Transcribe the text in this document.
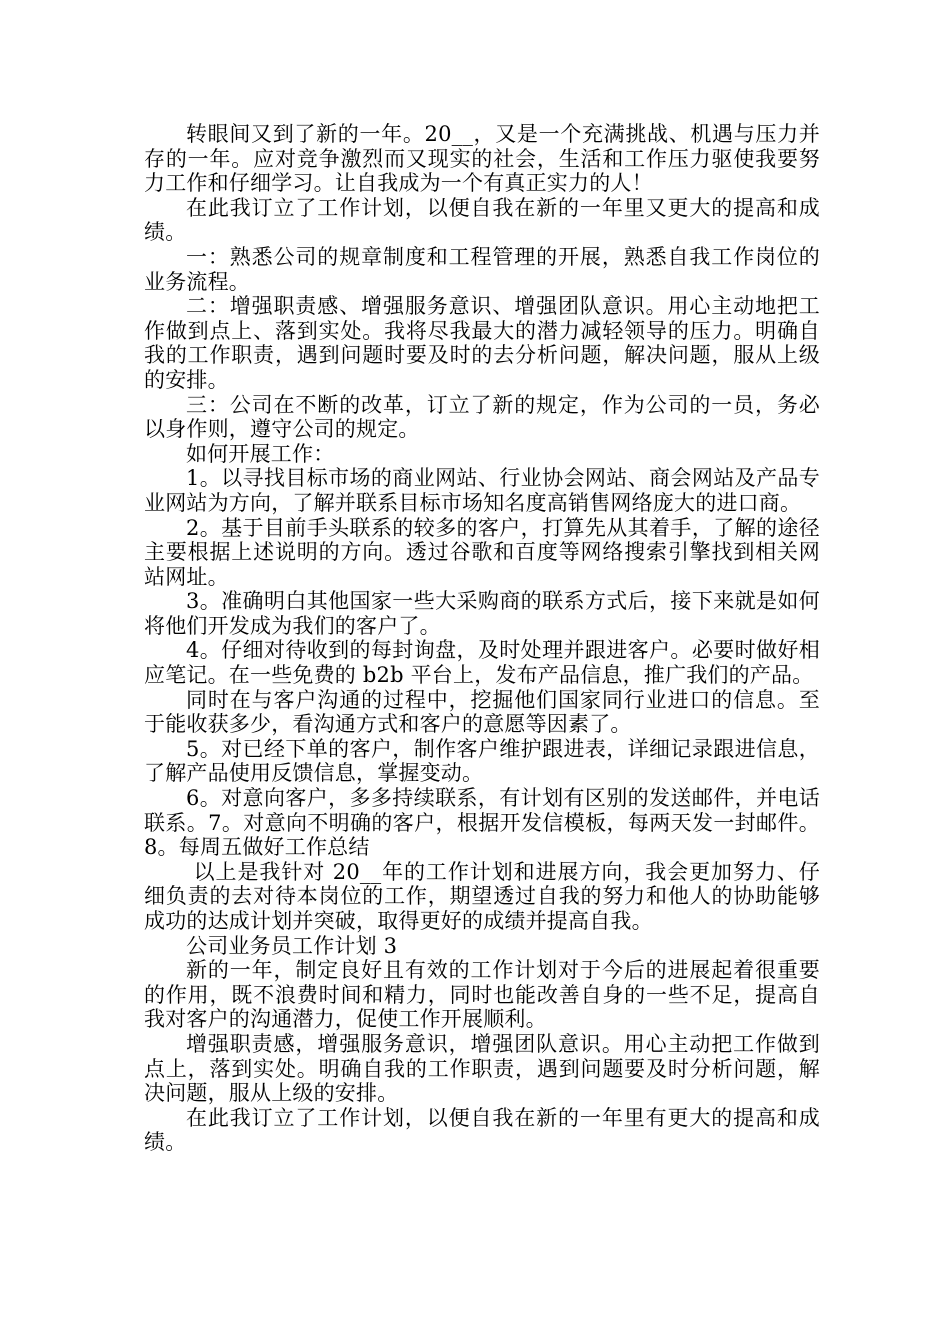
转眼间又到了新的一年。20__，又是一个充满挑战、机遇与压力并存的一年。应对竞争激烈而又现实的社会，生活和工作压力驱使我要努力工作和仔细学习。让自我成为一个有真正实力的人！

在此我订立了工作计划，以便自我在新的一年里又更大的提高和成绩。

一：熟悉公司的规章制度和工程管理的开展，熟悉自我工作岗位的业务流程。

二：增强职责感、增强服务意识、增强团队意识。用心主动地把工作做到点上、落到实处。我将尽我最大的潜力减轻领导的压力。明确自我的工作职责，遇到问题时要及时的去分析问题，解决问题，服从上级的安排。

三：公司在不断的改革，订立了新的规定，作为公司的一员，务必以身作则，遵守公司的规定。

如何开展工作：

1。以寻找目标市场的商业网站、行业协会网站、商会网站及产品专业网站为方向，了解并联系目标市场知名度高销售网络庞大的进口商。

2。基于目前手头联系的较多的客户，打算先从其着手，了解的途径主要根据上述说明的方向。透过谷歌和百度等网络搜索引擎找到相关网站网址。

3。准确明白其他国家一些大采购商的联系方式后，接下来就是如何将他们开发成为我们的客户了。

4。仔细对待收到的每封询盘，及时处理并跟进客户。必要时做好相应笔记。在一些免费的 b2b 平台上，发布产品信息，推广我们的产品。

同时在与客户沟通的过程中，挖掘他们国家同行业进口的信息。至于能收获多少，看沟通方式和客户的意愿等因素了。

5。对已经下单的客户，制作客户维护跟进表，详细记录跟进信息，了解产品使用反馈信息，掌握变动。

6。对意向客户，多多持续联系，有计划有区别的发送邮件，并电话联系。7。对意向不明确的客户，根据开发信模板，每两天发一封邮件。8。每周五做好工作总结

以上是我针对 20__年的工作计划和进展方向，我会更加努力、仔细负责的去对待本岗位的工作，期望透过自我的努力和他人的协助能够成功的达成计划并突破，取得更好的成绩并提高自我。

公司业务员工作计划 3

新的一年，制定良好且有效的工作计划对于今后的进展起着很重要的作用，既不浪费时间和精力，同时也能改善自身的一些不足，提高自我对客户的沟通潜力，促使工作开展顺利。

增强职责感，增强服务意识，增强团队意识。用心主动把工作做到点上，落到实处。明确自我的工作职责，遇到问题要及时分析问题，解决问题，服从上级的安排。

在此我订立了工作计划，以便自我在新的一年里有更大的提高和成绩。
